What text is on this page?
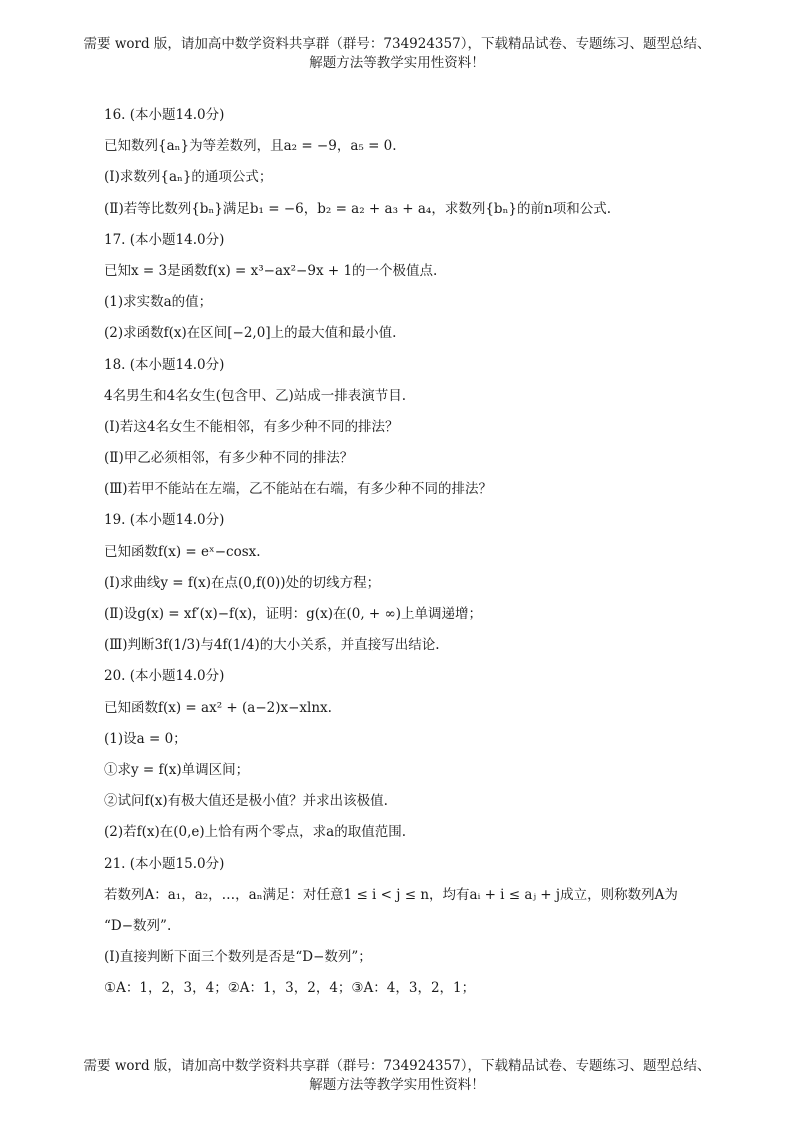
需要 word 版，请加高中数学资料共享群（群号：734924357），下载精品试卷、专题练习、题型总结、
解题方法等教学实用性资料！
16. (本小题14.0分)
已知数列{aₙ}为等差数列，且a₂ = −9，a₅ = 0.
(Ⅰ)求数列{aₙ}的通项公式；
(Ⅱ)若等比数列{bₙ}满足b₁ = −6，b₂ = a₂ + a₃ + a₄，求数列{bₙ}的前n项和公式.
17. (本小题14.0分)
已知x = 3是函数f(x) = x³−ax²−9x + 1的一个极值点.
(1)求实数a的值；
(2)求函数f(x)在区间[−2,0]上的最大值和最小值.
18. (本小题14.0分)
4名男生和4名女生(包含甲、乙)站成一排表演节目.
(Ⅰ)若这4名女生不能相邻，有多少种不同的排法？
(Ⅱ)甲乙必须相邻，有多少种不同的排法？
(Ⅲ)若甲不能站在左端，乙不能站在右端，有多少种不同的排法？
19. (本小题14.0分)
已知函数f(x) = eˣ−cosx.
(Ⅰ)求曲线y = f(x)在点(0,f(0))处的切线方程；
(Ⅱ)设g(x) = xf′(x)−f(x)，证明：g(x)在(0, + ∞)上单调递增；
(Ⅲ)判断3f(1/3)与4f(1/4)的大小关系，并直接写出结论.
20. (本小题14.0分)
已知函数f(x) = ax² + (a−2)x−xlnx.
(1)设a = 0；
①求y = f(x)单调区间；
②试问f(x)有极大值还是极小值？并求出该极值.
(2)若f(x)在(0,e)上恰有两个零点，求a的取值范围.
21. (本小题15.0分)
若数列A：a₁，a₂，…，aₙ满足：对任意1 ≤ i < j ≤ n，均有aᵢ + i ≤ aⱼ + j成立，则称数列A为
“D−数列”.
(Ⅰ)直接判断下面三个数列是否是“D−数列”；
①A：1，2，3，4；②A：1，3，2，4；③A：4，3，2，1；
需要 word 版，请加高中数学资料共享群（群号：734924357），下载精品试卷、专题练习、题型总结、
解题方法等教学实用性资料！
